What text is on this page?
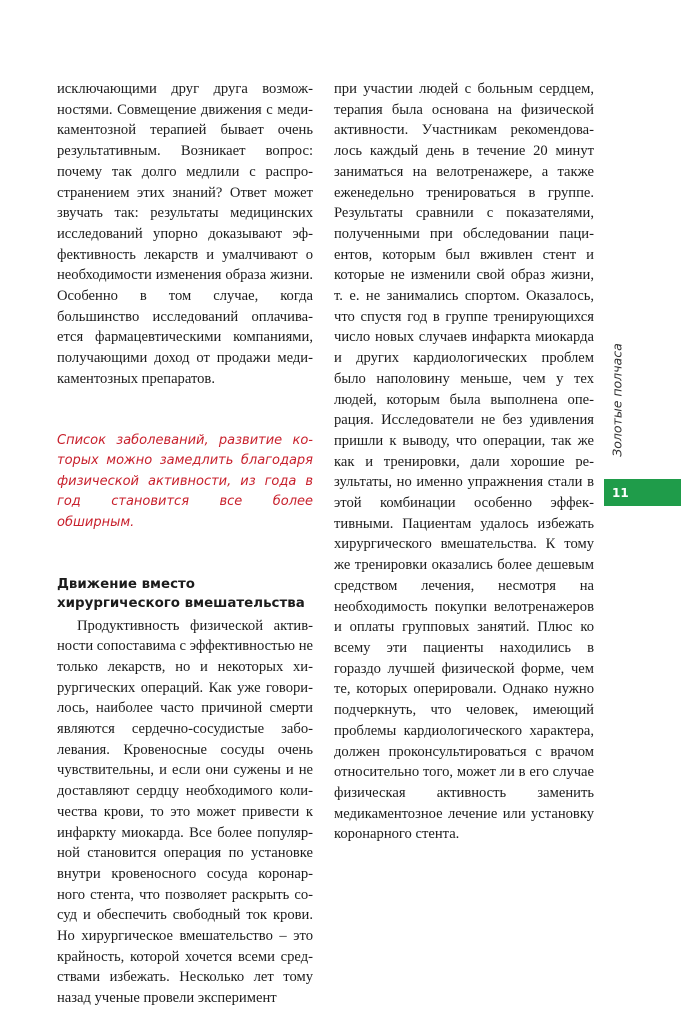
исключающими друг друга возможностями. Совмещение движения с медикаментозной терапией бывает очень результативным. Возникает вопрос: почему так долго медлили с распространением этих знаний? Ответ может звучать так: результаты медицинских исследований упорно доказывают эффективность лекарств и умалчивают о необходимости изменения образа жизни. Особенно в том случае, когда большинство исследований оплачивается фармацевтическими компаниями, получающими доход от продажи медикаментозных препаратов.

Список заболеваний, развитие которых можно замедлить благодаря физической активности, из года в год становится все более обширным.

Движение вместо хирургического вмешательства

Продуктивность физической активности сопоставима с эффективностью не только лекарств, но и некоторых хирургических операций. Как уже говорилось, наиболее часто причиной смерти являются сердечно-сосудистые заболевания. Кровеносные сосуды очень чувствительны, и если они сужены и не доставляют сердцу необходимого количества крови, то это может привести к инфаркту миокарда. Все более популярной становится операция по установке внутри кровеносного сосуда коронарного стента, что позволяет раскрыть сосуд и обеспечить свободный ток крови. Но хирургическое вмешательство – это крайность, которой хочется всеми средствами избежать. Несколько лет тому назад ученые провели эксперимент

при участии людей с больным сердцем, терапия была основана на физической активности. Участникам рекомендовалось каждый день в течение 20 минут заниматься на велотренажере, а также еженедельно тренироваться в группе. Результаты сравнили с показателями, полученными при обследовании пациентов, которым был вживлен стент и которые не изменили свой образ жизни, т. е. не занимались спортом. Оказалось, что спустя год в группе тренирующихся число новых случаев инфаркта миокарда и других кардиологических проблем было наполовину меньше, чем у тех людей, которым была выполнена операция. Исследователи не без удивления пришли к выводу, что операции, так же как и тренировки, дали хорошие результаты, но именно упражнения стали в этой комбинации особенно эффективными. Пациентам удалось избежать хирургического вмешательства. К тому же тренировки оказались более дешевым средством лечения, несмотря на необходимость покупки велотренажеров и оплаты групповых занятий. Плюс ко всему эти пациенты находились в гораздо лучшей физической форме, чем те, которых оперировали. Однако нужно подчеркнуть, что человек, имеющий проблемы кардиологического характера, должен проконсультироваться с врачом относительно того, может ли в его случае физическая активность заменить медикаментозное лечение или установку коронарного стента.

Золотые полчаса
11
